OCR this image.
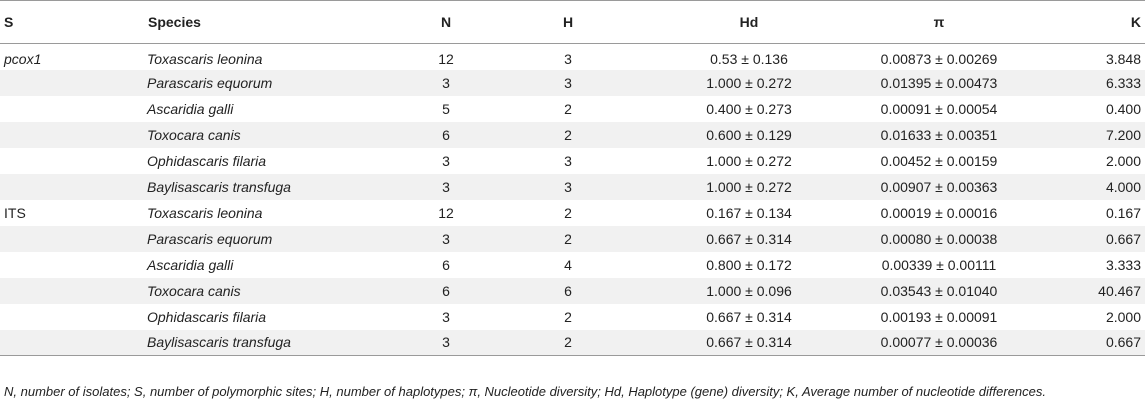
S	Species	N	H	Hd	π	K
pcox1	Toxascaris leonina	12	3	0.53 ± 0.136	0.00873 ± 0.00269	3.848
	Parascaris equorum	3	3	1.000 ± 0.272	0.01395 ± 0.00473	6.333
	Ascaridia galli	5	2	0.400 ± 0.273	0.00091 ± 0.00054	0.400
	Toxocara canis	6	2	0.600 ± 0.129	0.01633 ± 0.00351	7.200
	Ophidascaris filaria	3	3	1.000 ± 0.272	0.00452 ± 0.00159	2.000
	Baylisascaris transfuga	3	3	1.000 ± 0.272	0.00907 ± 0.00363	4.000
ITS	Toxascaris leonina	12	2	0.167 ± 0.134	0.00019 ± 0.00016	0.167
	Parascaris equorum	3	2	0.667 ± 0.314	0.00080 ± 0.00038	0.667
	Ascaridia galli	6	4	0.800 ± 0.172	0.00339 ± 0.00111	3.333
	Toxocara canis	6	6	1.000 ± 0.096	0.03543 ± 0.01040	40.467
	Ophidascaris filaria	3	2	0.667 ± 0.314	0.00193 ± 0.00091	2.000
	Baylisascaris transfuga	3	2	0.667 ± 0.314	0.00077 ± 0.00036	0.667
N, number of isolates; S, number of polymorphic sites; H, number of haplotypes; π, Nucleotide diversity; Hd, Haplotype (gene) diversity; K, Average number of nucleotide differences.
